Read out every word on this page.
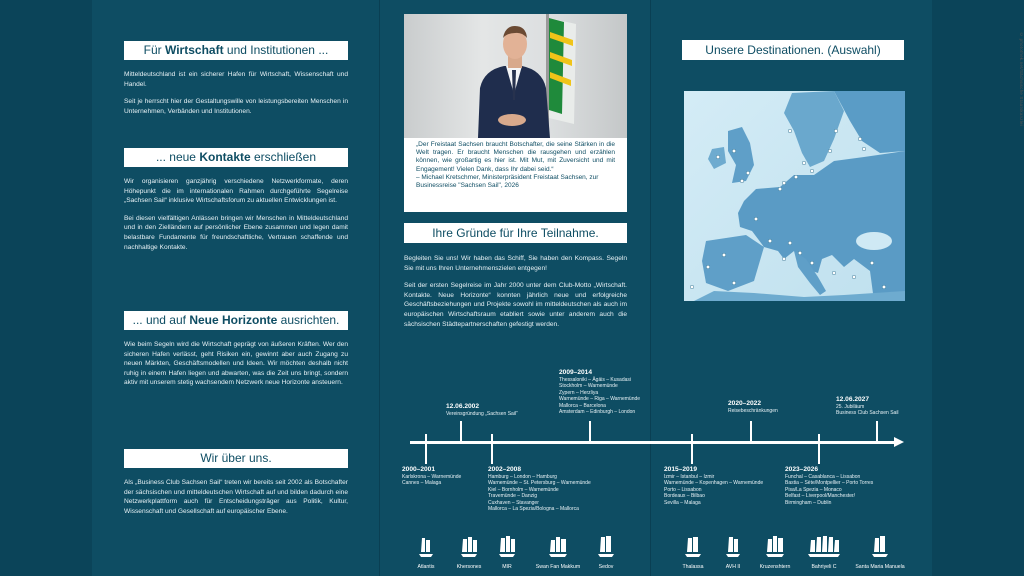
Für Wirtschaft und Institutionen ...

Mitteldeutschland ist ein sicherer Hafen für Wirtschaft, Wissenschaft und Handel.

Seit je herrscht hier der Gestaltungswille von leistungsbereiten Menschen in Unternehmen, Verbänden und Institutionen.

... neue Kontakte erschließen

Wir organisieren ganzjährig verschiedene Netzwerkformate, deren Höhepunkt die im internationalen Rahmen durchgeführte Segelreise „Sachsen Sail“ inklusive Wirtschaftsforum zu aktuellen Entwicklungen ist.

Bei diesen vielfältigen Anlässen bringen wir Menschen in Mitteldeutschland und in den Zielländern auf persönlicher Ebene zusammen und legen damit belastbare Fundamente für freundschaftliche, Vertrauen schaffende und nachhaltige Kontakte.

... und auf Neue Horizonte ausrichten.

Wie beim Segeln wird die Wirtschaft geprägt von äußeren Kräften. Wer den sicheren Hafen verlässt, geht Risiken ein, gewinnt aber auch Zugang zu neuen Märkten, Geschäftsmodellen und Ideen. Wir möchten deshalb nicht ruhig in einem Hafen liegen und abwarten, was die Zeit uns bringt, sondern aktiv mit unserem stetig wachsendem Netzwerk neue Horizonte ansteuern.

Wir über uns.

Als „Business Club Sachsen Sail“ treten wir bereits seit 2002 als Botschafter der sächsischen und mitteldeutschen Wirtschaft auf und bilden dadurch eine Netzwerkplattform auch für Entscheidungsträger aus Politik, Kultur, Wissenschaft und Gesellschaft auf europäischer Ebene.

© photothek.net/Sächsische Staatskanzlei

„Der Freistaat Sachsen braucht Botschafter, die seine Stärken in die Welt tragen. Er braucht Menschen die rausgehen und erzählen können, wie großartig es hier ist. Mit Mut, mit Zuversicht und mit Engagement! Vielen Dank, dass Ihr dabei seid.“

– Michael Kretschmer, Ministerpräsident Freistaat Sachsen, zur Businessreise "Sachsen Sail", 2026

Ihre Gründe für Ihre Teilnahme.

Begleiten Sie uns! Wir haben das Schiff, Sie haben den Kompass. Segeln Sie mit uns Ihren Unternehmenszielen entgegen!

Seit der ersten Segelreise im Jahr 2000 unter dem Club-Motto „Wirtschaft. Kontakte. Neue Horizonte“ konnten jährlich neue und erfolgreiche Geschäftsbeziehungen und Projekte sowohl im mitteldeutschen als auch im europäischen Wirtschaftsraum etabliert sowie unter anderem auch die sächsischen Städtepartnerschaften gefestigt werden.

Unsere Destinationen. (Auswahl)
12.06.2002
Vereinsgründung „Sachsen Sail“
2009–2014
Thessaloniki – Ägäis – Kusadasi
Stockholm – Warnemünde
Zypern – Herzliya
Warnemünde – Riga – Warnemünde
Mallorca – Barcelona
Amsterdam – Edinburgh – London
2020–2022
Reisebeschränkungen
12.06.2027
25. Jubiläum
Business Club Sachsen Sail
2000–2001
Karlskrona – Warnemünde
Cannes – Malaga
2002–2008
Hamburg – London – Hamburg
Warnemünde – St. Petersburg – Warnemünde
Kiel – Bornholm – Warnemünde
Travemünde – Danzig
Cuxhaven – Stavanger
Mallorca – La Spezia/Bologna – Mallorca
2015–2019
Izmir – Istanbul – Izmir
Warnemünde – Kopenhagen – Warnemünde
Porto – Lissabon
Bordeaux – Bilbao
Sevilla – Malaga
2023–2026
Funchal – Casablanca – Lissabon
Bastia – Sète/Montpellier – Porto Torres
Pisa/La Spezia – Monaco
Belfast – Liverpool/Manchester/
Birmingham – Dublin
Atlantis	Khersones	MIR	Swan Fan Makkum	Sedov	Thalassa	AVH II	Kruzenshtern	Bahriyeli C	Santa Maria Manuela
